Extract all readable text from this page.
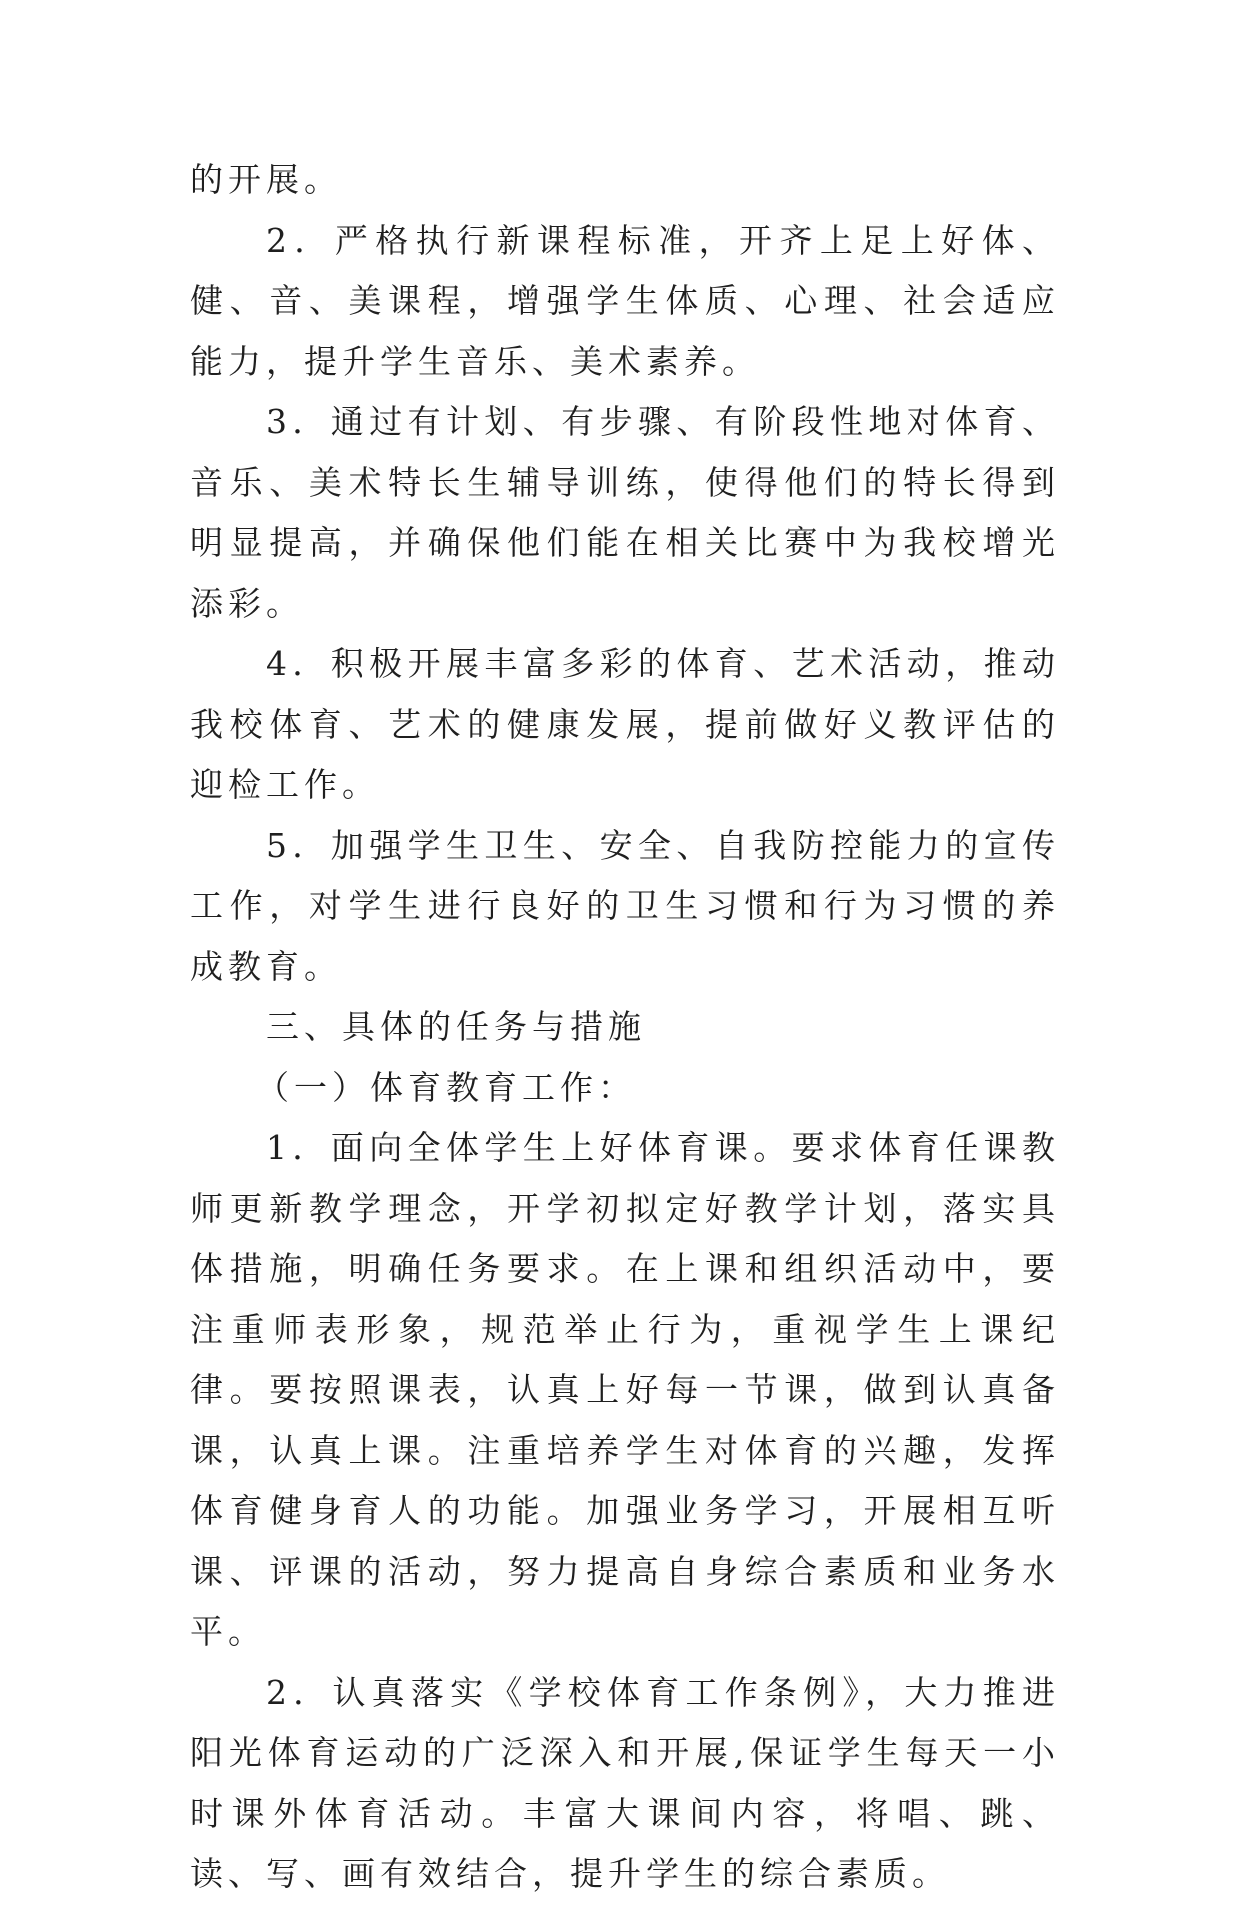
的开展。

2．严格执行新课程标准，开齐上足上好体、健、音、美课程，增强学生体质、心理、社会适应能力，提升学生音乐、美术素养。

3．通过有计划、有步骤、有阶段性地对体育、音乐、美术特长生辅导训练，使得他们的特长得到明显提高，并确保他们能在相关比赛中为我校增光添彩。

4．积极开展丰富多彩的体育、艺术活动，推动我校体育、艺术的健康发展，提前做好义教评估的迎检工作。

5．加强学生卫生、安全、自我防控能力的宣传工作，对学生进行良好的卫生习惯和行为习惯的养成教育。

三、具体的任务与措施

（一）体育教育工作：

1．面向全体学生上好体育课。要求体育任课教师更新教学理念，开学初拟定好教学计划，落实具体措施，明确任务要求。在上课和组织活动中，要注重师表形象，规范举止行为，重视学生上课纪律。要按照课表，认真上好每一节课，做到认真备课，认真上课。注重培养学生对体育的兴趣，发挥体育健身育人的功能。加强业务学习，开展相互听课、评课的活动，努力提高自身综合素质和业务水平。

2．认真落实《学校体育工作条例》，大力推进阳光体育运动的广泛深入和开展,保证学生每天一小时课外体育活动。丰富大课间内容，将唱、跳、读、写、画有效结合，提升学生的综合素质。
